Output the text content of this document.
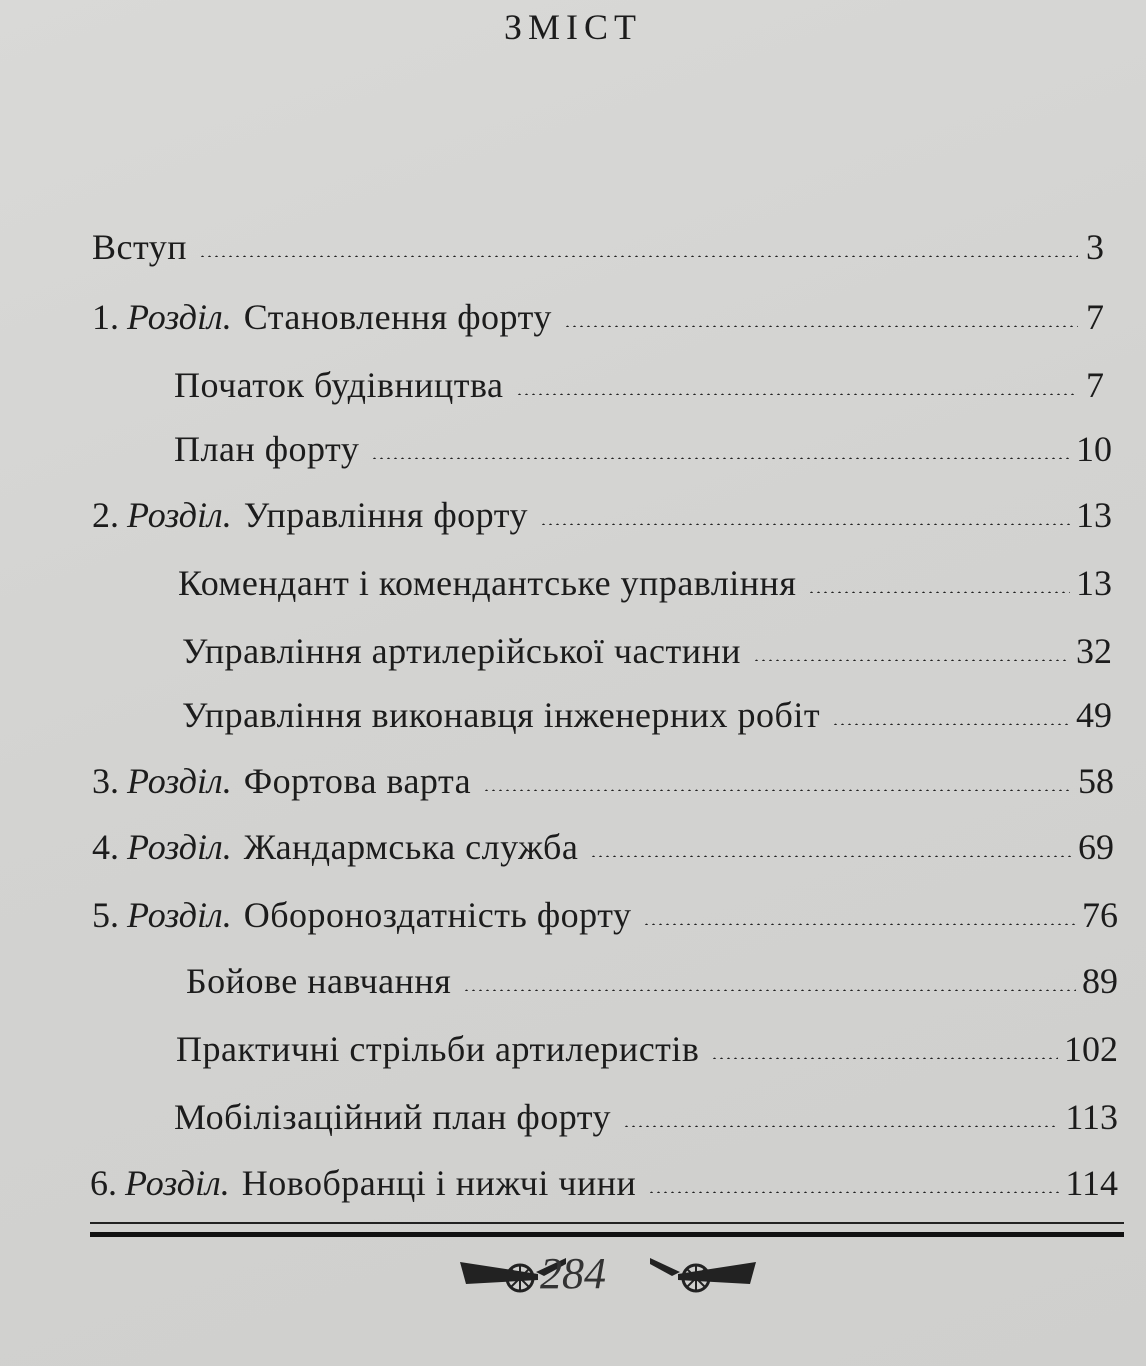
ЗМІСТ
Вступ	3
1. Розділ. Становлення форту	7
Початок будівництва	7
План форту	10
2. Розділ. Управління форту	13
Комендант і комендантське управління	13
Управління артилерійської частини	32
Управління виконавця інженерних робіт	49
3. Розділ. Фортова варта	58
4. Розділ. Жандармська служба	69
5. Розділ. Обороноздатність форту	76
Бойове навчання	89
Практичні стрільби артилеристів	102
Мобілізаційний план форту	113
6. Розділ. Новобранці і нижчі чини	114
284
